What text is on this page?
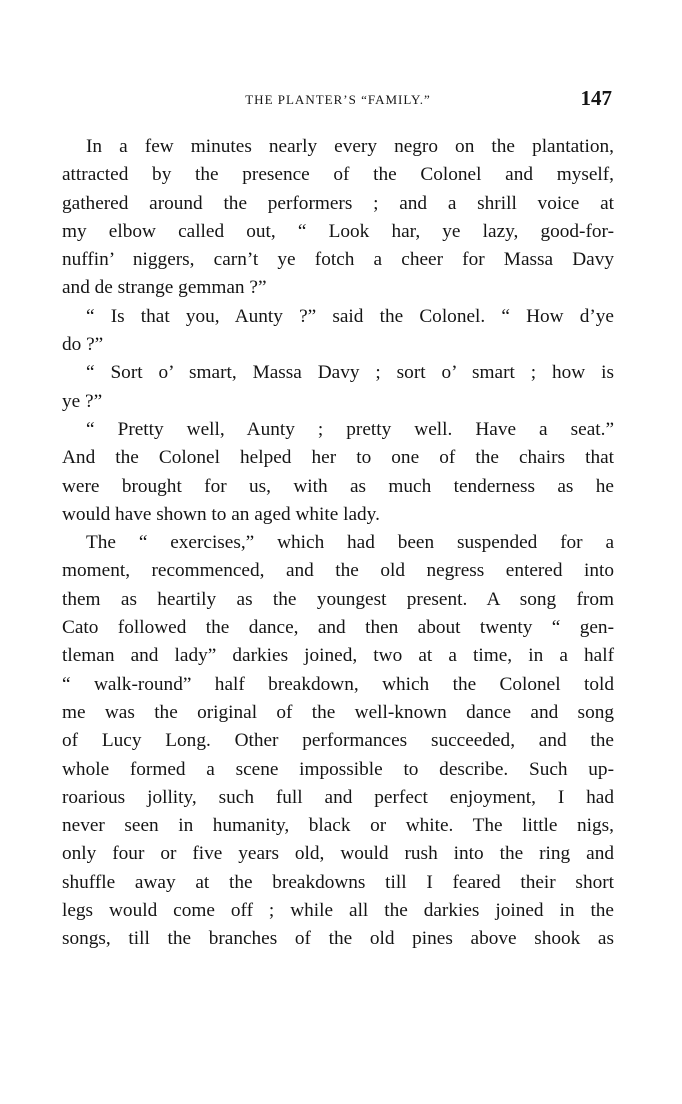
THE PLANTER’S “FAMILY.”	147
In a few minutes nearly every negro on the plantation,
attracted by the presence of the Colonel and myself,
gathered around the performers ; and a shrill voice at
my elbow called out, “ Look har, ye lazy, good-for-
nuffin’ niggers, carn’t ye fotch a cheer for Massa Davy
and de strange gemman ?”
“ Is that you, Aunty ?” said the Colonel. “ How d’ye
do ?”
“ Sort o’ smart, Massa Davy ; sort o’ smart ; how is
ye ?”
“ Pretty well, Aunty ; pretty well. Have a seat.”
And the Colonel helped her to one of the chairs that
were brought for us, with as much tenderness as he
would have shown to an aged white lady.
The “ exercises,” which had been suspended for a
moment, recommenced, and the old negress entered into
them as heartily as the youngest present. A song from
Cato followed the dance, and then about twenty “ gen-
tleman and lady” darkies joined, two at a time, in a half
“ walk-round” half breakdown, which the Colonel told
me was the original of the well-known dance and song
of Lucy Long. Other performances succeeded, and the
whole formed a scene impossible to describe. Such up-
roarious jollity, such full and perfect enjoyment, I had
never seen in humanity, black or white. The little nigs,
only four or five years old, would rush into the ring and
shuffle away at the breakdowns till I feared their short
legs would come off ; while all the darkies joined in the
songs, till the branches of the old pines above shook as
